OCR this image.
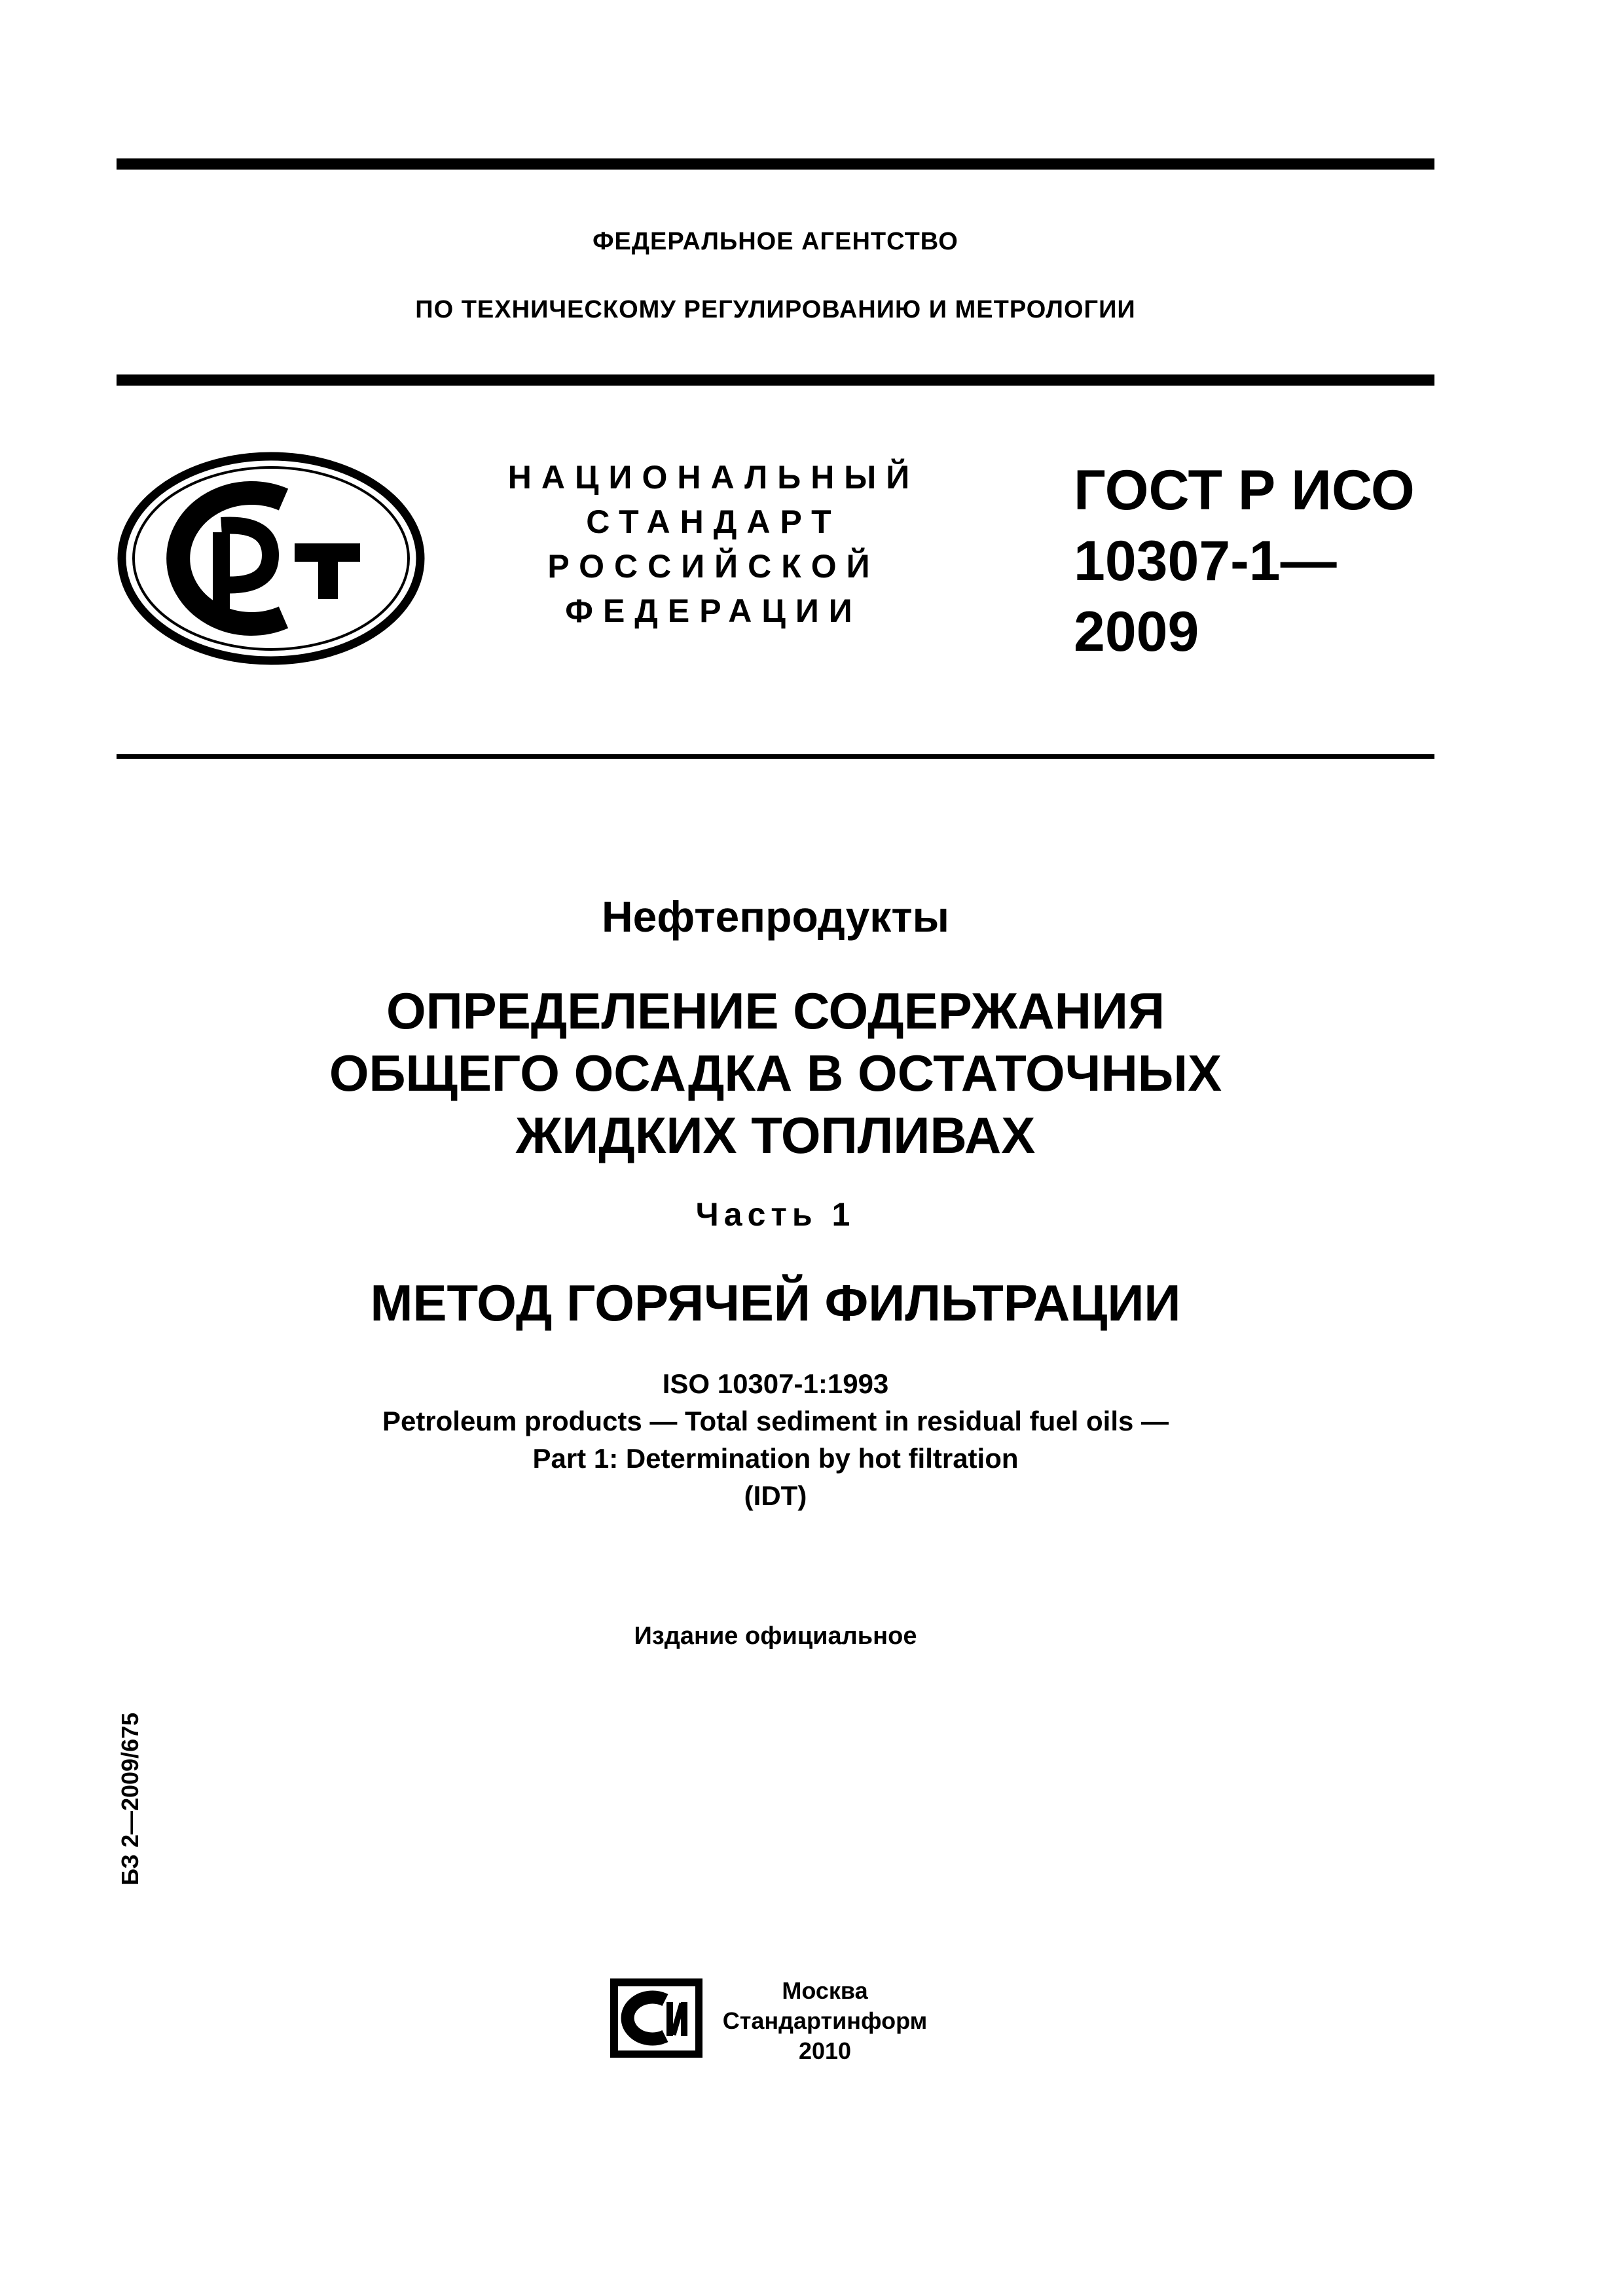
ФЕДЕРАЛЬНОЕ АГЕНТСТВО
ПО ТЕХНИЧЕСКОМУ РЕГУЛИРОВАНИЮ И МЕТРОЛОГИИ
НАЦИОНАЛЬНЫЙ
СТАНДАРТ
РОССИЙСКОЙ
ФЕДЕРАЦИИ
ГОСТ Р ИСО
10307-1—
2009
Нефтепродукты
ОПРЕДЕЛЕНИЕ СОДЕРЖАНИЯ
ОБЩЕГО ОСАДКА В ОСТАТОЧНЫХ
ЖИДКИХ ТОПЛИВАХ
Часть 1
МЕТОД ГОРЯЧЕЙ ФИЛЬТРАЦИИ
ISO 10307-1:1993
Petroleum products — Total sediment in residual fuel oils —
Part 1: Determination by hot filtration
(IDT)
Издание официальное
БЗ 2—2009/675
Москва
Стандартинформ
2010
